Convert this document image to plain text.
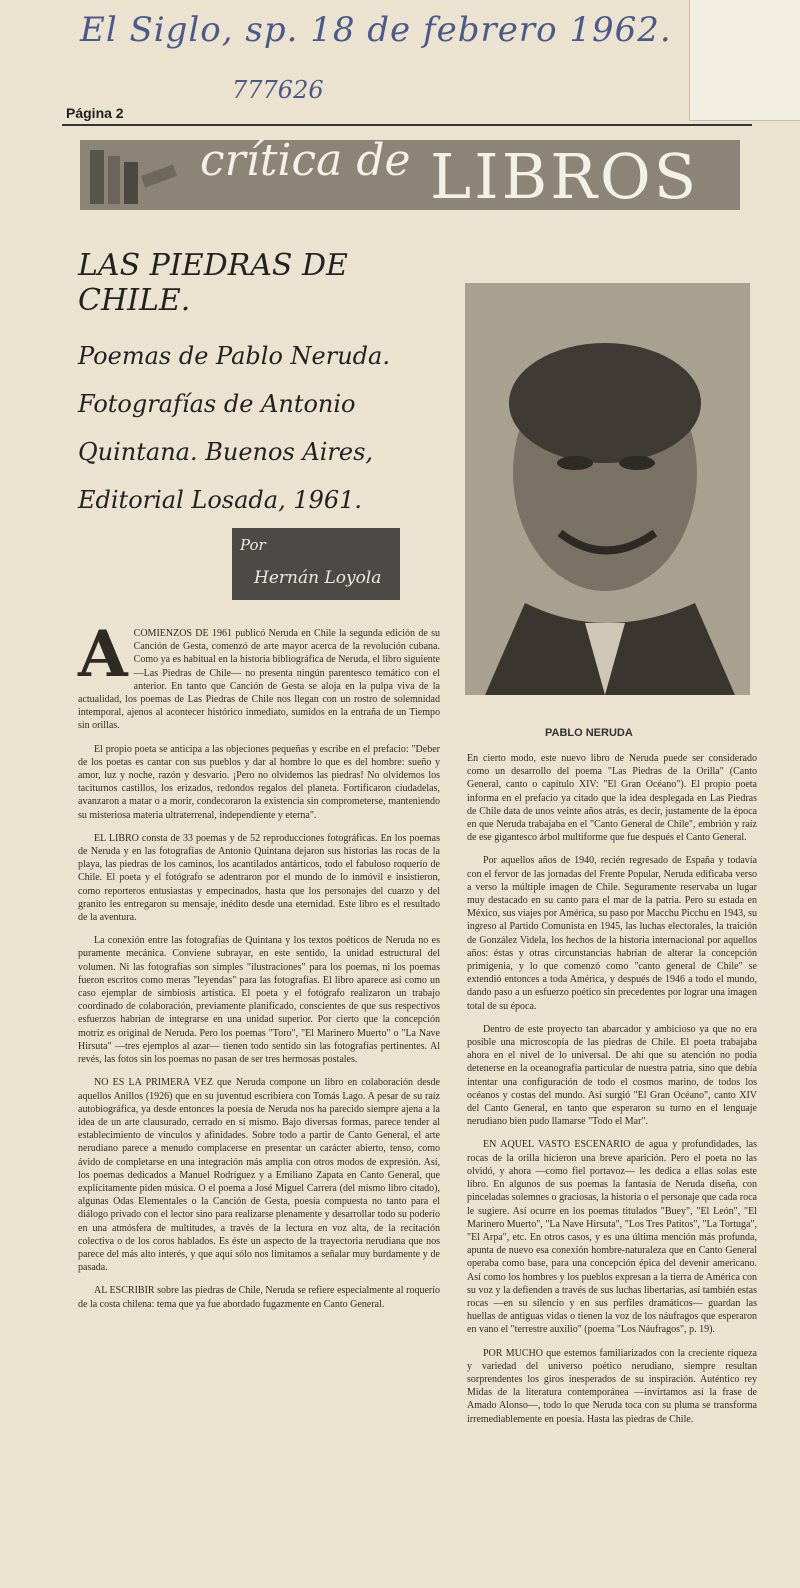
El Siglo, sp. 18 de febrero 1962.
777626
Página 2
crítica de LIBROS
LAS PIEDRAS DE CHILE.
Poemas de Pablo Neruda. Fotografías de Antonio Quintana. Buenos Aires, Editorial Losada, 1961.
Por
Hernán Loyola
PABLO NERUDA

ACOMIENZOS DE 1961 publicó Neruda en Chile la segunda edición de su Canción de Gesta, comenzó de arte mayor acerca de la revolución cubana. Como ya es habitual en la historia bibliográfica de Neruda, el libro siguiente —Las Piedras de Chile— no presenta ningún parentesco temático con el anterior. En tanto que Canción de Gesta se aloja en la pulpa viva de la actualidad, los poemas de Las Piedras de Chile nos llegan con un rostro de solemnidad intemporal, ajenos al acontecer histórico inmediato, sumidos en la entraña de un Tiempo sin orillas.

El propio poeta se anticipa a las objeciones pequeñas y escribe en el prefacio: "Deber de los poetas es cantar con sus pueblos y dar al hombre lo que es del hombre: sueño y amor, luz y noche, razón y desvarío. ¡Pero no olvidemos las piedras! No olvidemos los taciturnos castillos, los erizados, redondos regalos del planeta. Fortificaron ciudadelas, avanzaron a matar o a morir, condecoraron la existencia sin comprometerse, manteniendo su misteriosa materia ultraterrenal, independiente y eterna".

EL LIBRO consta de 33 poemas y de 52 reproducciones fotográficas. En los poemas de Neruda y en las fotografías de Antonio Quintana dejaron sus historias las rocas de la playa, las piedras de los caminos, los acantilados antárticos, todo el fabuloso roquerío de Chile. El poeta y el fotógrafo se adentraron por el mundo de lo inmóvil e insistieron, como reporteros entusiastas y empecinados, hasta que los personajes del cuarzo y del granito les entregaron su mensaje, inédito desde una eternidad. Este libro es el resultado de la aventura.

La conexión entre las fotografías de Quintana y los textos poéticos de Neruda no es puramente mecánica. Conviene subrayar, en este sentido, la unidad estructural del volumen. Ni las fotografías son simples "ilustraciones" para los poemas, ni los poemas fueron escritos como meras "leyendas" para las fotografías. El libro aparece así como un caso ejemplar de simbiosis artística. El poeta y el fotógrafo realizaron un trabajo coordinado de colaboración, previamente planificado, conscientes de que sus respectivos esfuerzos habrían de integrarse en una unidad superior. Por cierto que la concepción motriz es original de Neruda. Pero los poemas "Toro", "El Marinero Muerto" o "La Nave Hirsuta" —tres ejemplos al azar— tienen todo sentido sin las fotografías pertinentes. Al revés, las fotos sin los poemas no pasan de ser tres hermosas postales.

NO ES LA PRIMERA VEZ que Neruda compone un libro en colaboración desde aquellos Anillos (1926) que en su juventud escribiera con Tomás Lago. A pesar de su raíz autobiográfica, ya desde entonces la poesía de Neruda nos ha parecido siempre ajena a la idea de un arte clausurado, cerrado en sí mismo. Bajo diversas formas, parece tender al establecimiento de vínculos y afinidades. Sobre todo a partir de Canto General, el arte nerudiano parece a menudo complacerse en presentar un carácter abierto, tenso, como ávido de completarse en una integración más amplia con otros modos de expresión. Así, los poemas dedicados a Manuel Rodríguez y a Emiliano Zapata en Canto General, que explícitamente piden música. O el poema a José Miguel Carrera (del mismo libro citado), algunas Odas Elementales o la Canción de Gesta, poesía compuesta no tanto para el diálogo privado con el lector sino para realizarse plenamente y desarrollar todo su poderío en una atmósfera de multitudes, a través de la lectura en voz alta, de la recitación colectiva o de los coros hablados. Es éste un aspecto de la trayectoria nerudiana que nos parece del más alto interés, y que aquí sólo nos limitamos a señalar muy burdamente y de pasada.

AL ESCRIBIR sobre las piedras de Chile, Neruda se refiere especialmente al roquerío de la costa chilena: tema que ya fue abordado fugazmente en Canto General.

En cierto modo, este nuevo libro de Neruda puede ser considerado como un desarrollo del poema "Las Piedras de la Orilla" (Canto General, canto o capítulo XIV: "El Gran Océano"). El propio poeta informa en el prefacio ya citado que la idea desplegada en Las Piedras de Chile data de unos veinte años atrás, es decir, justamente de la época en que Neruda trabajaba en el "Canto General de Chile", embrión y raíz de ese gigantesco árbol multiforme que fue después el Canto General.

Por aquellos años de 1940, recién regresado de España y todavía con el fervor de las jornadas del Frente Popular, Neruda edificaba verso a verso la múltiple imagen de Chile. Seguramente reservaba un lugar muy destacado en su canto para el mar de la patria. Pero su estada en México, sus viajes por América, su paso por Macchu Picchu en 1943, su ingreso al Partido Comunista en 1945, las luchas electorales, la traición de González Videla, los hechos de la historia internacional por aquellos años: éstas y otras circunstancias habrían de alterar la concepción primigenia, y lo que comenzó como "canto general de Chile" se extendió entonces a toda América, y después de 1946 a todo el mundo, dando paso a un esfuerzo poético sin precedentes por lograr una imagen total de su época.

Dentro de este proyecto tan abarcador y ambicioso ya que no era posible una microscopía de las piedras de Chile. El poeta trabajaba ahora en el nivel de lo universal. De ahí que su atención no podía detenerse en la oceanografía particular de nuestra patria, sino que debía intentar una configuración de todo el cosmos marino, de todos los océanos y costas del mundo. Así surgió "El Gran Océano", canto XIV del Canto General, en tanto que esperaron su turno en el lenguaje nerudiano bien pudo llamarse "Todo el Mar".

EN AQUEL VASTO ESCENARIO de agua y profundidades, las rocas de la orilla hicieron una breve aparición. Pero el poeta no las olvidó, y ahora —como fiel portavoz— les dedica a ellas solas este libro. En algunos de sus poemas la fantasía de Neruda diseña, con pinceladas solemnes o graciosas, la historia o el personaje que cada roca le sugiere. Así ocurre en los poemas titulados "Buey", "El León", "El Marinero Muerto", "La Nave Hirsuta", "Los Tres Patitos", "La Tortuga", "El Arpa", etc. En otros casos, y es una última mención más profunda, apunta de nuevo esa conexión hombre-naturaleza que en Canto General operaba como base, para una concepción épica del devenir americano. Así como los hombres y los pueblos expresan a la tierra de América con su voz y la defienden a través de sus luchas libertarias, así también estas rocas —en su silencio y en sus perfiles dramáticos— guardan las huellas de antiguas vidas o tienen la voz de los náufragos que esperaron en vano el "terrestre auxilio" (poema "Los Náufragos", p. 19).

POR MUCHO que estemos familiarizados con la creciente riqueza y variedad del universo poético nerudiano, siempre resultan sorprendentes los giros inesperados de su inspiración. Auténtico rey Midas de la literatura contemporánea —invirtamos así la frase de Amado Alonso—, todo lo que Neruda toca con su pluma se transforma irremediablemente en poesía. Hasta las piedras de Chile.
